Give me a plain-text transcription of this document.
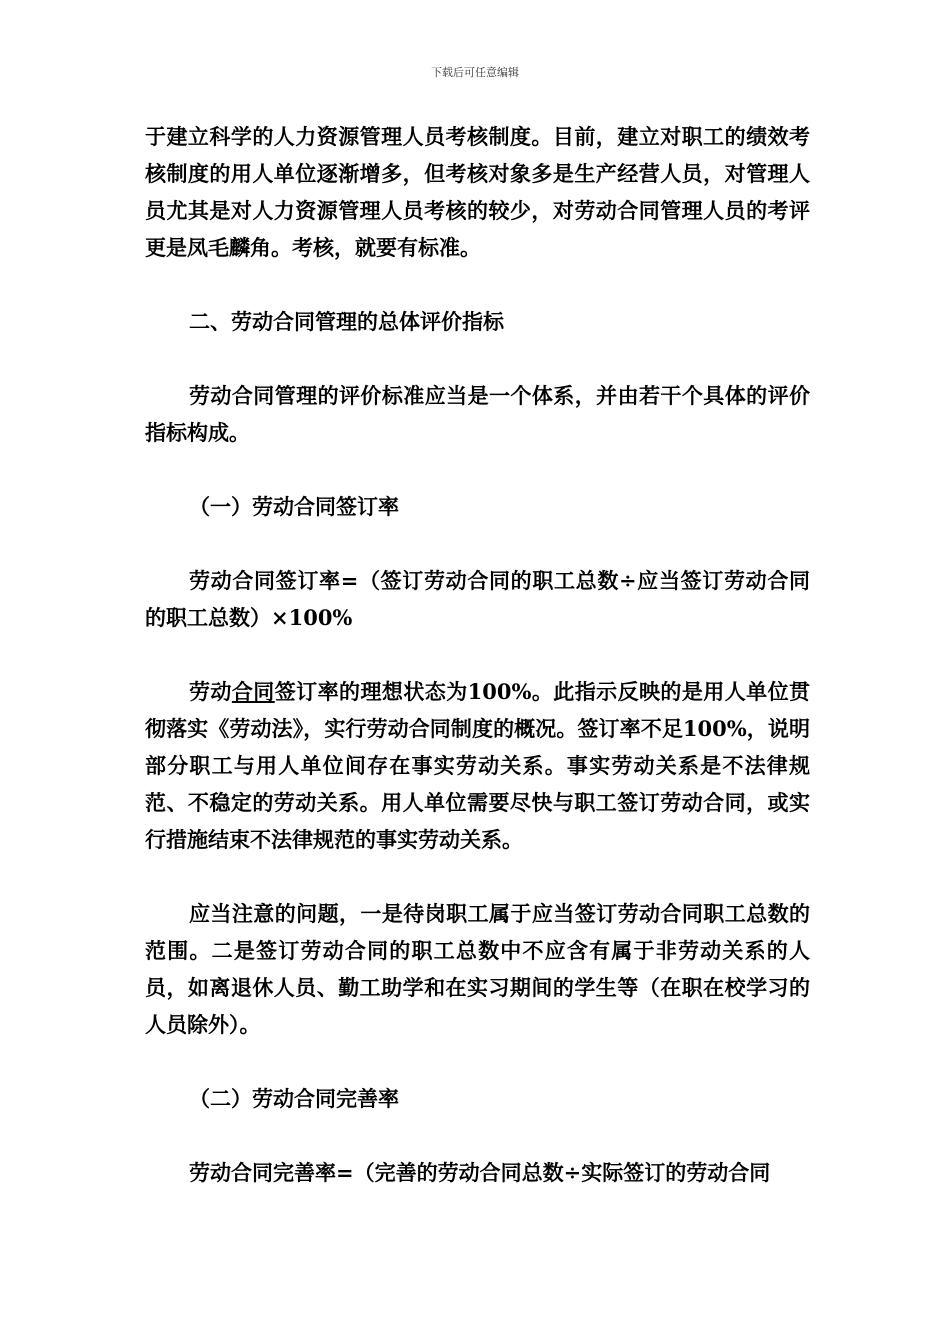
下载后可任意编辑

于建立科学的人力资源管理人员考核制度。目前，建立对职工的绩效考核制度的用人单位逐渐增多，但考核对象多是生产经营人员，对管理人员尤其是对人力资源管理人员考核的较少，对劳动合同管理人员的考评更是凤毛麟角。考核，就要有标准。

二、劳动合同管理的总体评价指标

劳动合同管理的评价标准应当是一个体系，并由若干个具体的评价指标构成。

（一）劳动合同签订率

劳动合同签订率=（签订劳动合同的职工总数÷应当签订劳动合同的职工总数）×100%

劳动合同签订率的理想状态为100%。此指示反映的是用人单位贯彻落实《劳动法》，实行劳动合同制度的概况。签订率不足100%，说明部分职工与用人单位间存在事实劳动关系。事实劳动关系是不法律规范、不稳定的劳动关系。用人单位需要尽快与职工签订劳动合同，或实行措施结束不法律规范的事实劳动关系。

应当注意的问题，一是待岗职工属于应当签订劳动合同职工总数的范围。二是签订劳动合同的职工总数中不应含有属于非劳动关系的人员，如离退休人员、勤工助学和在实习期间的学生等（在职在校学习的人员除外）。

（二）劳动合同完善率

劳动合同完善率=（完善的劳动合同总数÷实际签订的劳动合同
